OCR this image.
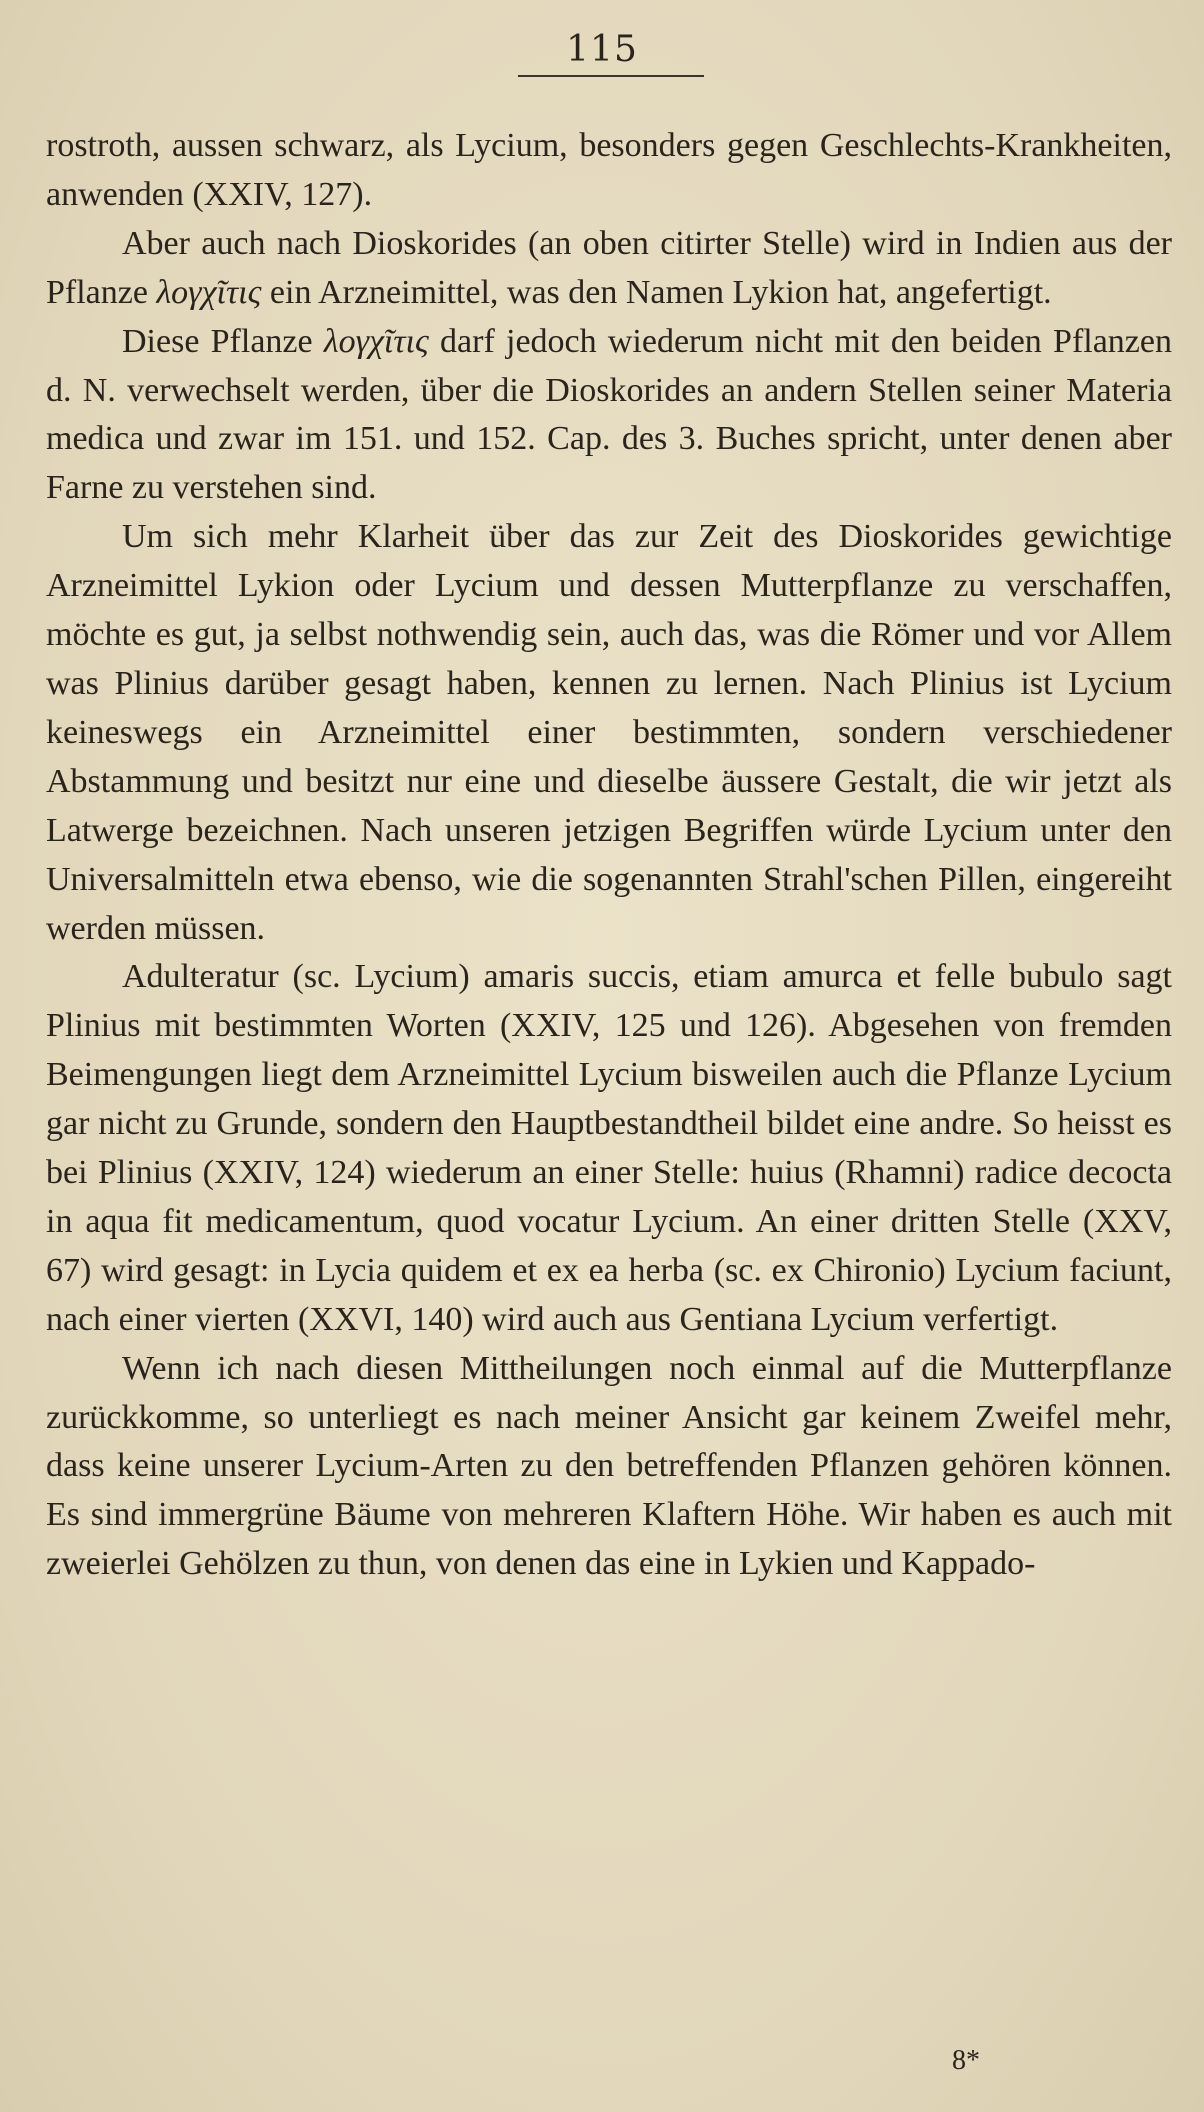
115

rostroth, aussen schwarz, als Lycium, besonders gegen Geschlechts-Krankheiten, anwenden (XXIV, 127).

Aber auch nach Dioskorides (an oben citirter Stelle) wird in Indien aus der Pflanze λογχῖτις ein Arzneimittel, was den Namen Lykion hat, angefertigt.

Diese Pflanze λογχῖτις darf jedoch wiederum nicht mit den beiden Pflanzen d. N. verwechselt werden, über die Dioskorides an andern Stellen seiner Materia medica und zwar im 151. und 152. Cap. des 3. Buches spricht, unter denen aber Farne zu verstehen sind.

Um sich mehr Klarheit über das zur Zeit des Dioskorides gewichtige Arzneimittel Lykion oder Lycium und dessen Mutterpflanze zu verschaffen, möchte es gut, ja selbst nothwendig sein, auch das, was die Römer und vor Allem was Plinius darüber gesagt haben, kennen zu lernen. Nach Plinius ist Lycium keineswegs ein Arzneimittel einer bestimmten, sondern verschiedener Abstammung und besitzt nur eine und dieselbe äussere Gestalt, die wir jetzt als Latwerge bezeichnen. Nach unseren jetzigen Begriffen würde Lycium unter den Universalmitteln etwa ebenso, wie die sogenannten Strahl'schen Pillen, eingereiht werden müssen.

Adulteratur (sc. Lycium) amaris succis, etiam amurca et felle bubulo sagt Plinius mit bestimmten Worten (XXIV, 125 und 126). Abgesehen von fremden Beimengungen liegt dem Arzneimittel Lycium bisweilen auch die Pflanze Lycium gar nicht zu Grunde, sondern den Hauptbestandtheil bildet eine andre. So heisst es bei Plinius (XXIV, 124) wiederum an einer Stelle: huius (Rhamni) radice decocta in aqua fit medicamentum, quod vocatur Lycium. An einer dritten Stelle (XXV, 67) wird gesagt: in Lycia quidem et ex ea herba (sc. ex Chironio) Lycium faciunt, nach einer vierten (XXVI, 140) wird auch aus Gentiana Lycium verfertigt.

Wenn ich nach diesen Mittheilungen noch einmal auf die Mutterpflanze zurückkomme, so unterliegt es nach meiner Ansicht gar keinem Zweifel mehr, dass keine unserer Lycium-Arten zu den betreffenden Pflanzen gehören können. Es sind immergrüne Bäume von mehreren Klaftern Höhe. Wir haben es auch mit zweierlei Gehölzen zu thun, von denen das eine in Lykien und Kappado-

8*
